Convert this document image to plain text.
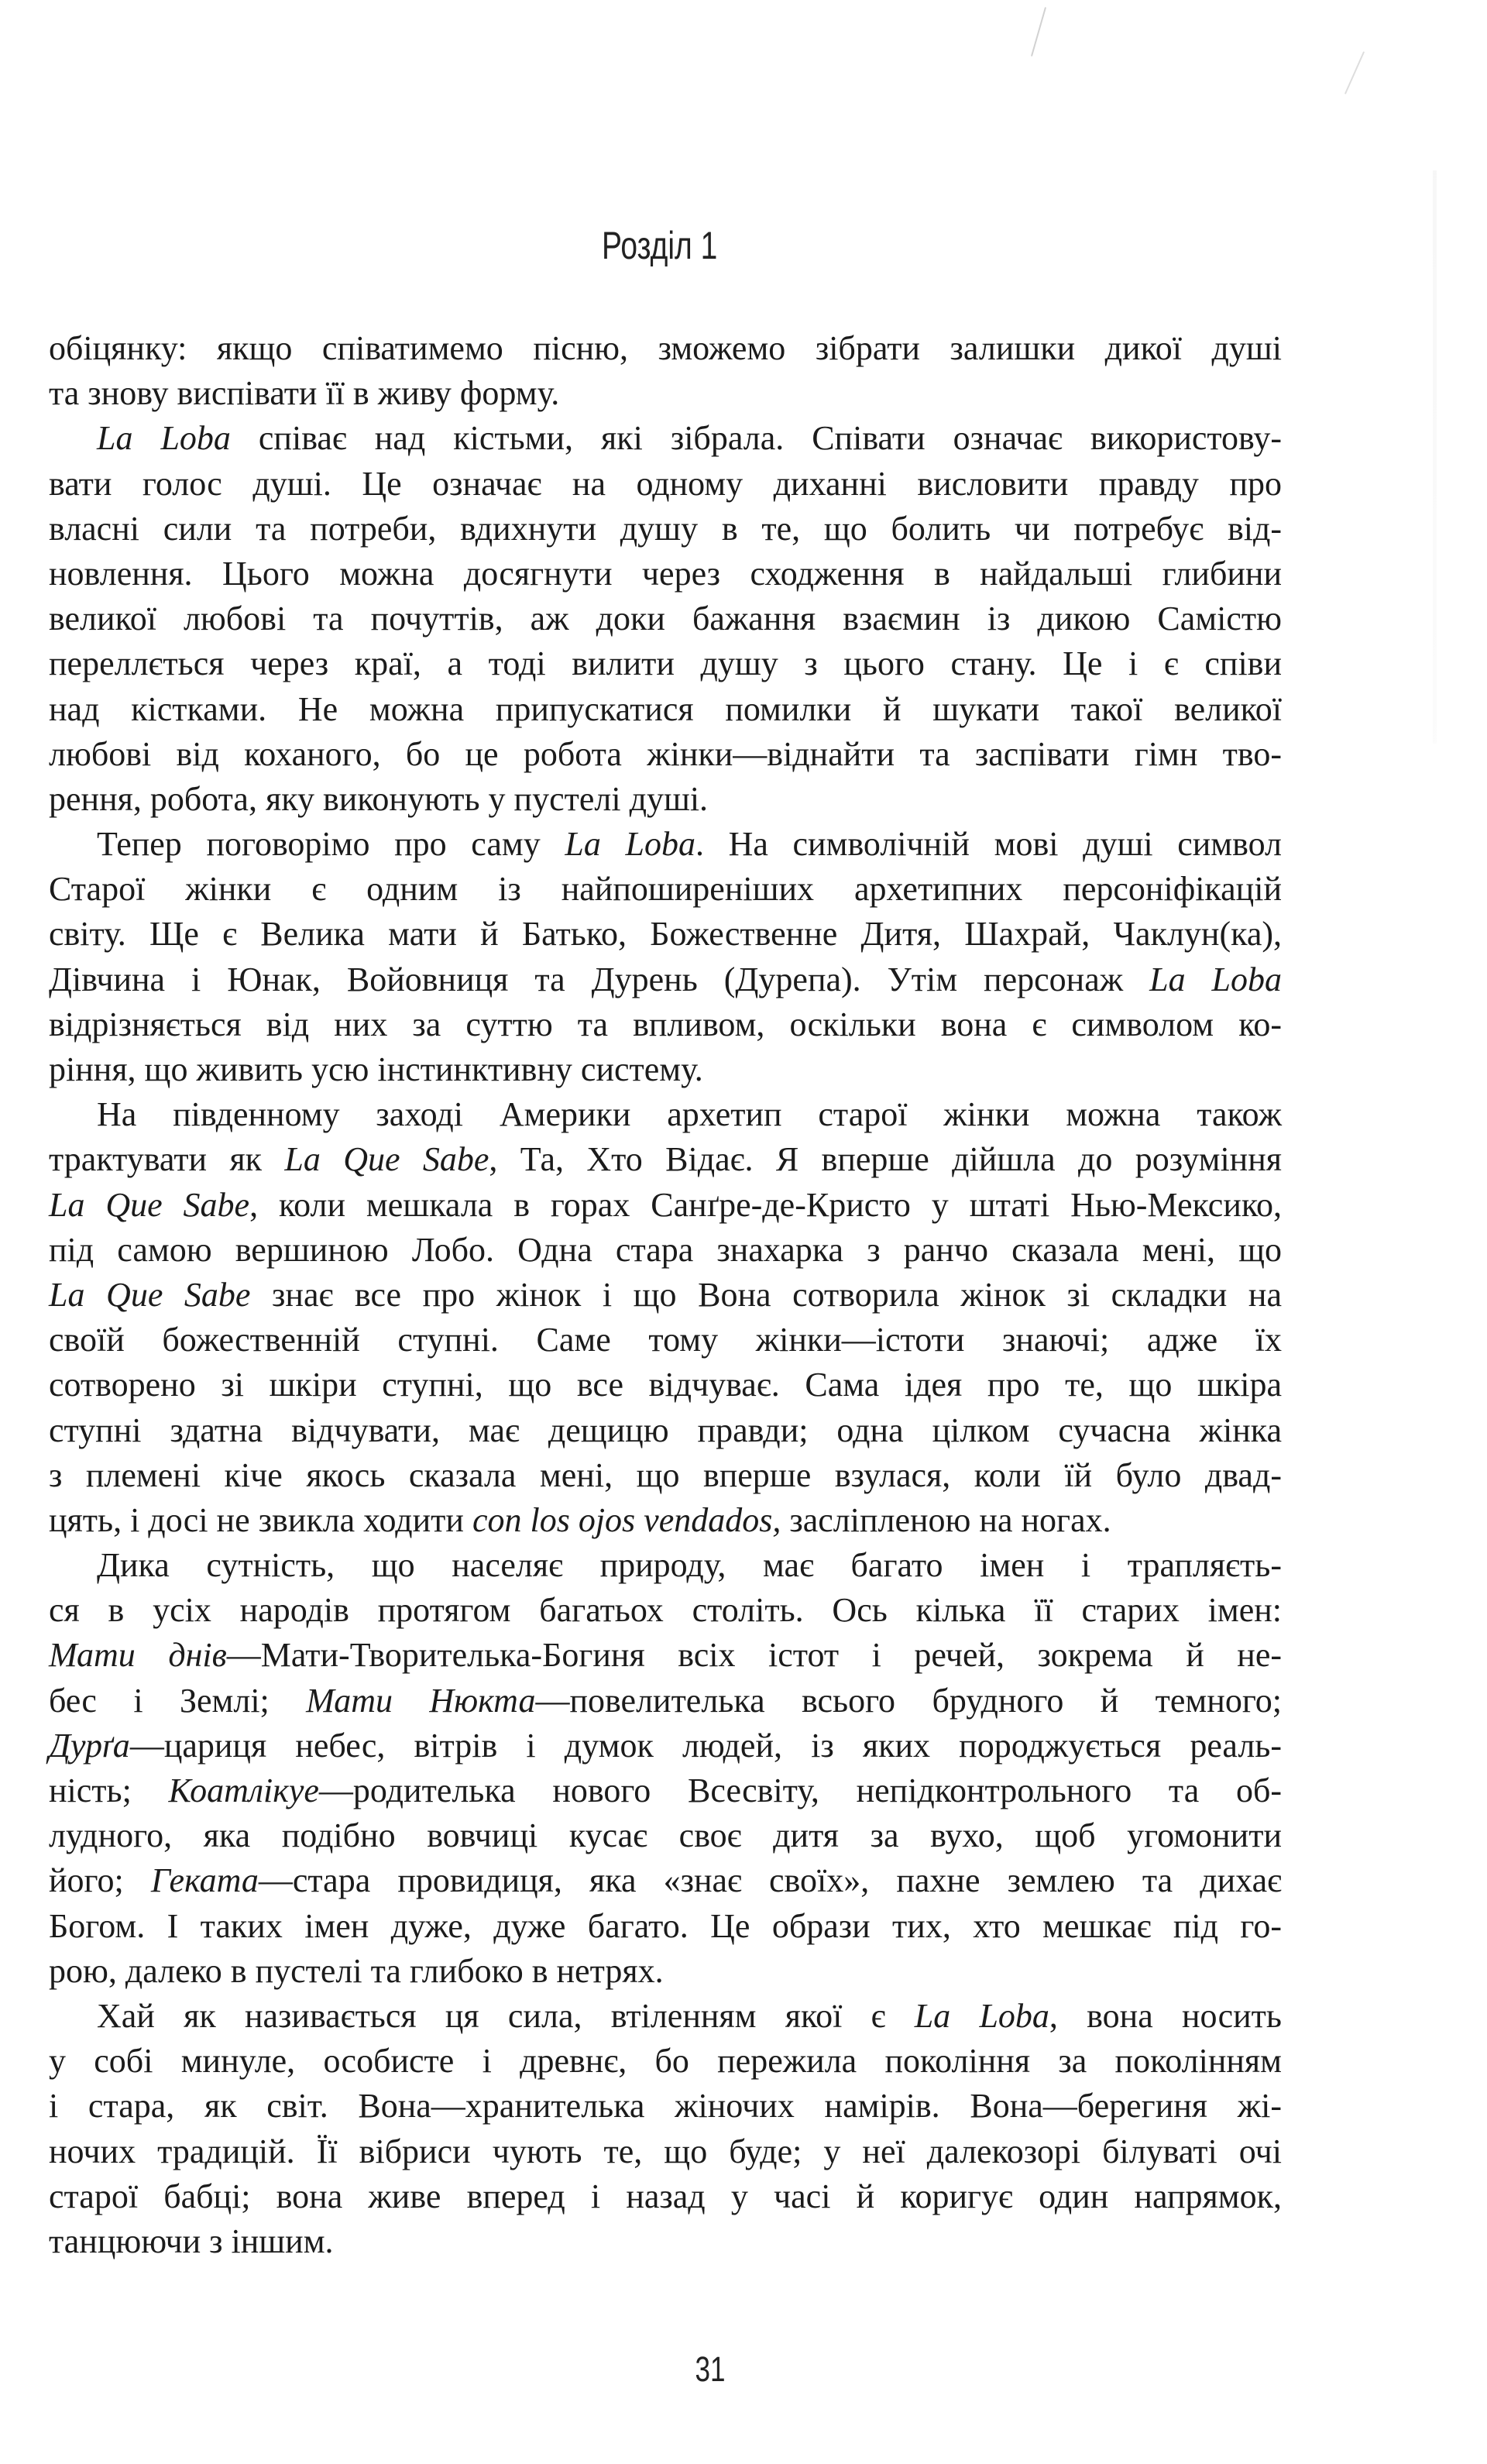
Розділ 1
обіцянку: якщо співатимемо пісню, зможемо зібрати залишки дикої душі
та знову виспівати її в живу форму.
La Loba співає над кістьми, які зібрала. Співати означає використову-
вати голос душі. Це означає на одному диханні висловити правду про
власні сили та потреби, вдихнути душу в те, що болить чи потребує від-
новлення. Цього можна досягнути через сходження в найдальші глибини
великої любові та почуттів, аж доки бажання взаємин із дикою Самістю
переллється через краї, а тоді вилити душу з цього стану. Це і є співи
над кістками. Не можна припускатися помилки й шукати такої великої
любові від коханого, бо це робота жінки—віднайти та заспівати гімн тво-
рення, робота, яку виконують у пустелі душі.
Тепер поговорімо про саму La Loba. На символічній мові душі символ
Старої жінки є одним із найпоширеніших архетипних персоніфікацій
світу. Ще є Велика мати й Батько, Божественне Дитя, Шахрай, Чаклун(ка),
Дівчина і Юнак, Войовниця та Дурень (Дурепа). Утім персонаж La Loba
відрізняється від них за суттю та впливом, оскільки вона є символом ко-
ріння, що живить усю інстинктивну систему.
На південному заході Америки архетип старої жінки можна також
трактувати як La Que Sabe, Та, Хто Відає. Я вперше дійшла до розуміння
La Que Sabe, коли мешкала в горах Санґре-де-Кристо у штаті Нью-Мексико,
під самою вершиною Лобо. Одна стара знахарка з ранчо сказала мені, що
La Que Sabe знає все про жінок і що Вона сотворила жінок зі складки на
своїй божественній ступні. Саме тому жінки—істоти знаючі; адже їх
сотворено зі шкіри ступні, що все відчуває. Сама ідея про те, що шкіра
ступні здатна відчувати, має дещицю правди; одна цілком сучасна жінка
з племені кіче якось сказала мені, що вперше взулася, коли їй було двад-
цять, і досі не звикла ходити con los ojos vendados, засліпленою на ногах.
Дика сутність, що населяє природу, має багато імен і трапляєть-
ся в усіх народів протягом багатьох століть. Ось кілька її старих імен:
Мати днів—Мати-Творителька-Богиня всіх істот і речей, зокрема й не-
бес і Землі; Мати Нюкта—повелителька всього брудного й темного;
Дурґа—цариця небес, вітрів і думок людей, із яких породжується реаль-
ність; Коатлікуе—родителька нового Всесвіту, непідконтрольного та об-
лудного, яка подібно вовчиці кусає своє дитя за вухо, щоб угомонити
його; Геката—стара провидиця, яка «знає своїх», пахне землею та дихає
Богом. І таких імен дуже, дуже багато. Це образи тих, хто мешкає під го-
рою, далеко в пустелі та глибоко в нетрях.
Хай як називається ця сила, втіленням якої є La Loba, вона носить
у собі минуле, особисте і древнє, бо пережила покоління за поколінням
і стара, як світ. Вона—хранителька жіночих намірів. Вона—берегиня жі-
ночих традицій. Її вібриси чують те, що буде; у неї далекозорі білуваті очі
старої бабці; вона живе вперед і назад у часі й коригує один напрямок,
танцюючи з іншим.
31
